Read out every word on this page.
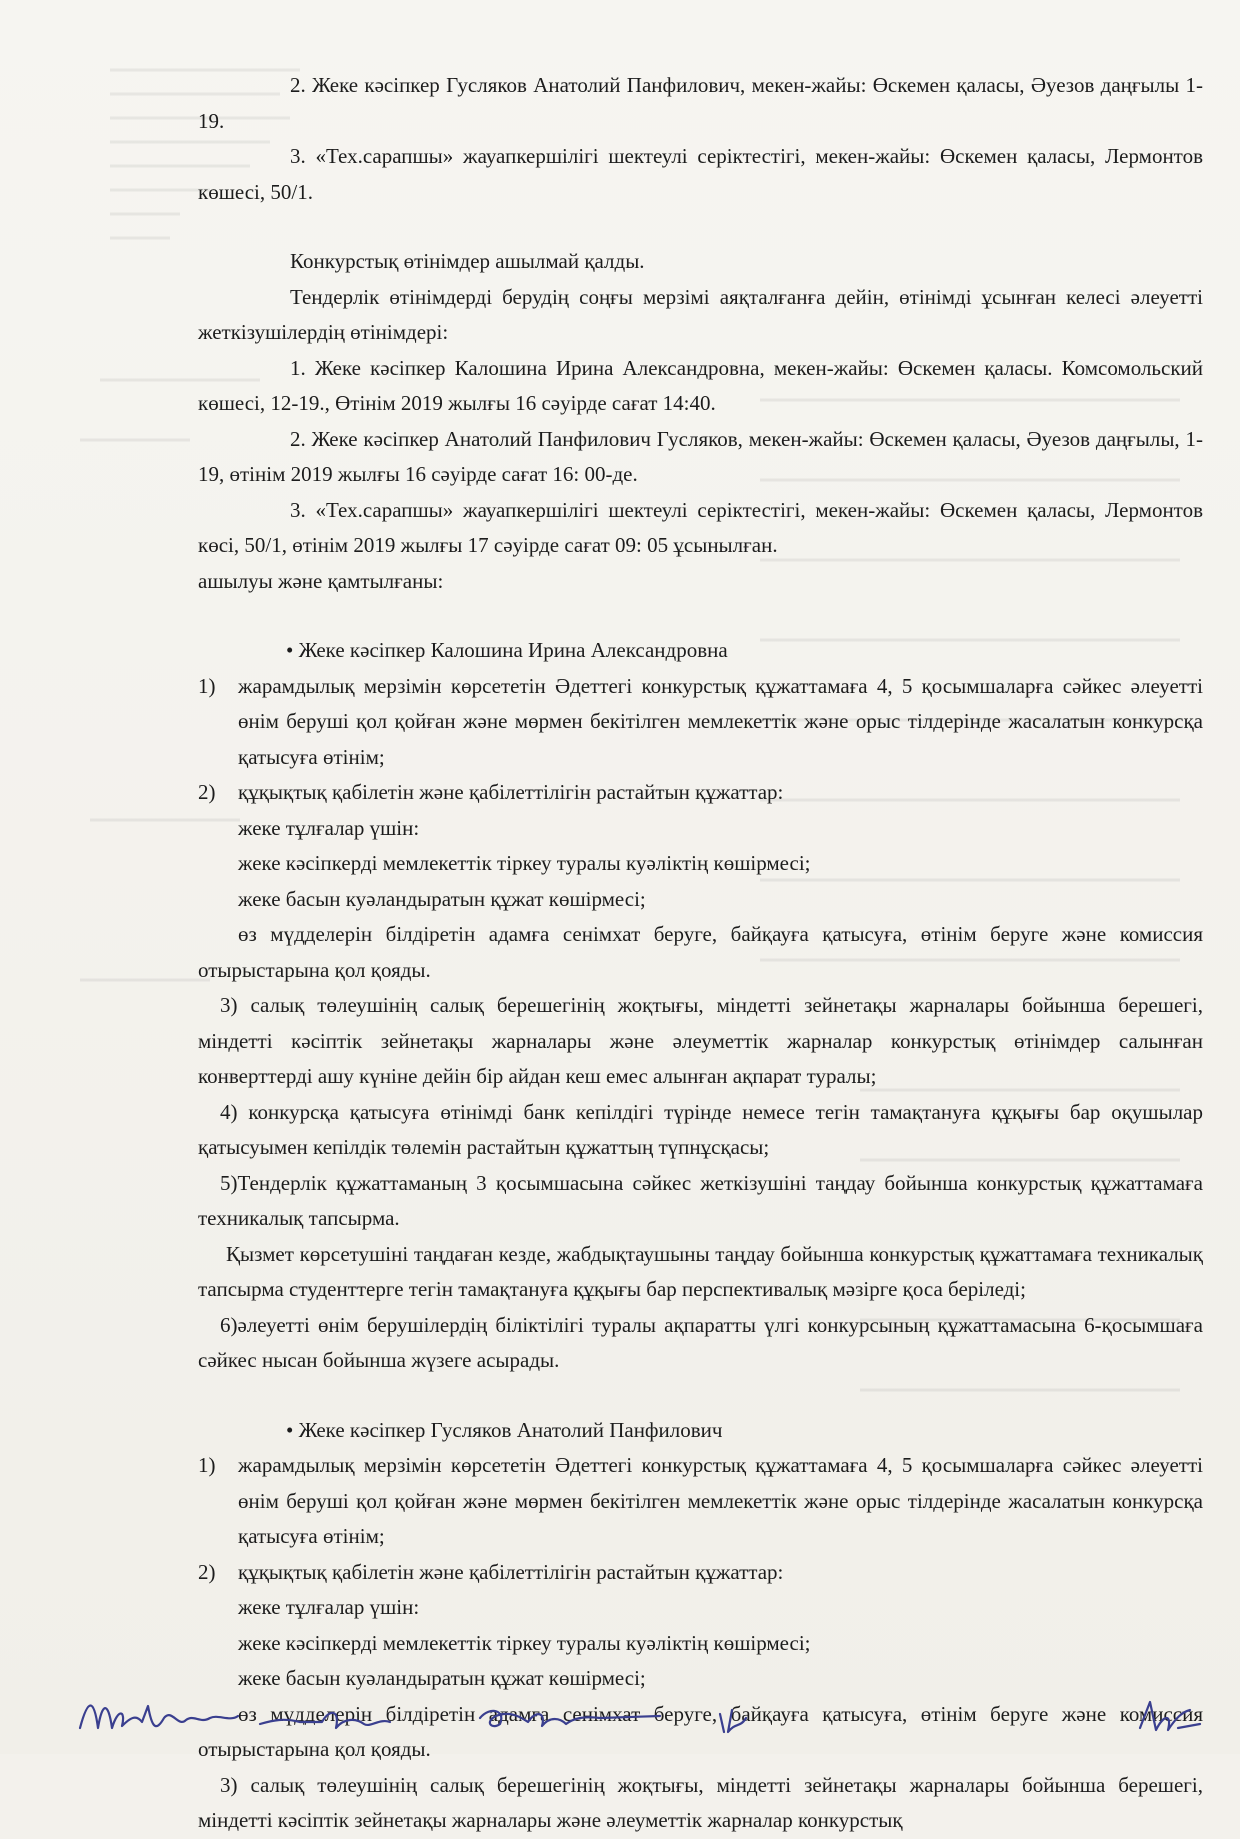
2. Жеке кәсіпкер Гусляков Анатолий Панфилович, мекен-жайы: Өскемен қаласы, Әуезов даңғылы 1-19.

3. «Тех.сарапшы» жауапкершілігі шектеулі серіктестігі, мекен-жайы: Өскемен қаласы, Лермонтов көшесі, 50/1.

Конкурстық өтінімдер ашылмай қалды.

Тендерлік өтінімдерді берудің соңғы мерзімі аяқталғанға дейін, өтінімді ұсынған келесі әлеуетті жеткізушілердің өтінімдері:

1. Жеке кәсіпкер Калошина Ирина Александровна, мекен-жайы: Өскемен қаласы. Комсомольский көшесі, 12-19., Өтінім 2019 жылғы 16 сәуірде сағат 14:40.

2. Жеке кәсіпкер Анатолий Панфилович Гусляков, мекен-жайы: Өскемен қаласы, Әуезов даңғылы, 1-19, өтінім 2019 жылғы 16 сәуірде сағат 16: 00-де.

3. «Тех.сарапшы» жауапкершілігі шектеулі серіктестігі, мекен-жайы: Өскемен қаласы, Лермонтов көсі, 50/1, өтінім 2019 жылғы 17 сәуірде сағат 09: 05 ұсынылған.

ашылуы және қамтылғаны:

• Жеке кәсіпкер Калошина Ирина Александровна

1)	жарамдылық мерзімін көрсететін Әдеттегі конкурстық құжаттамаға 4, 5 қосымшаларға сәйкес әлеуетті өнім беруші қол қойған және мөрмен бекітілген мемлекеттік және орыс тілдерінде жасалатын конкурсқа қатысуға өтінім;
2)	құқықтық қабілетін және қабілеттілігін растайтын құжаттар:

жеке тұлғалар үшін:

жеке кәсіпкерді мемлекеттік тіркеу туралы куәліктің көшірмесі;

жеке басын куәландыратын құжат көшірмесі;

өз мүдделерін білдіретін адамға сенімхат беруге, байқауға қатысуға, өтінім беруге және комиссия отырыстарына қол қояды.

3) салық төлеушінің салық берешегінің жоқтығы, міндетті зейнетақы жарналары бойынша берешегі, міндетті кәсіптік зейнетақы жарналары және әлеуметтік жарналар конкурстық өтінімдер салынған конверттерді ашу күніне дейін бір айдан кеш емес алынған ақпарат туралы;

4) конкурсқа қатысуға өтінімді банк кепілдігі түрінде немесе тегін тамақтануға құқығы бар оқушылар қатысуымен кепілдік төлемін растайтын құжаттың түпнұсқасы;

5)Тендерлік құжаттаманың 3 қосымшасына сәйкес жеткізушіні таңдау бойынша конкурстық құжаттамаға техникалық тапсырма.

Қызмет көрсетушіні таңдаған кезде, жабдықтаушыны таңдау бойынша конкурстық құжаттамаға техникалық тапсырма студенттерге тегін тамақтануға құқығы бар перспективалық мәзірге қоса беріледі;

6)әлеуетті өнім берушілердің біліктілігі туралы ақпаратты үлгі конкурсының құжаттамасына 6-қосымшаға сәйкес нысан бойынша жүзеге асырады.

• Жеке кәсіпкер Гусляков Анатолий Панфилович

1)	жарамдылық мерзімін көрсететін Әдеттегі конкурстық құжаттамаға 4, 5 қосымшаларға сәйкес әлеуетті өнім беруші қол қойған және мөрмен бекітілген мемлекеттік және орыс тілдерінде жасалатын конкурсқа қатысуға өтінім;
2)	құқықтық қабілетін және қабілеттілігін растайтын құжаттар:

жеке тұлғалар үшін:

жеке кәсіпкерді мемлекеттік тіркеу туралы куәліктің көшірмесі;

жеке басын куәландыратын құжат көшірмесі;

өз мүдделерін білдіретін адамға сенімхат беруге, байқауға қатысуға, өтінім беруге және комиссия отырыстарына қол қояды.

3) салық төлеушінің салық берешегінің жоқтығы, міндетті зейнетақы жарналары бойынша берешегі, міндетті кәсіптік зейнетақы жарналары және әлеуметтік жарналар конкурстық
